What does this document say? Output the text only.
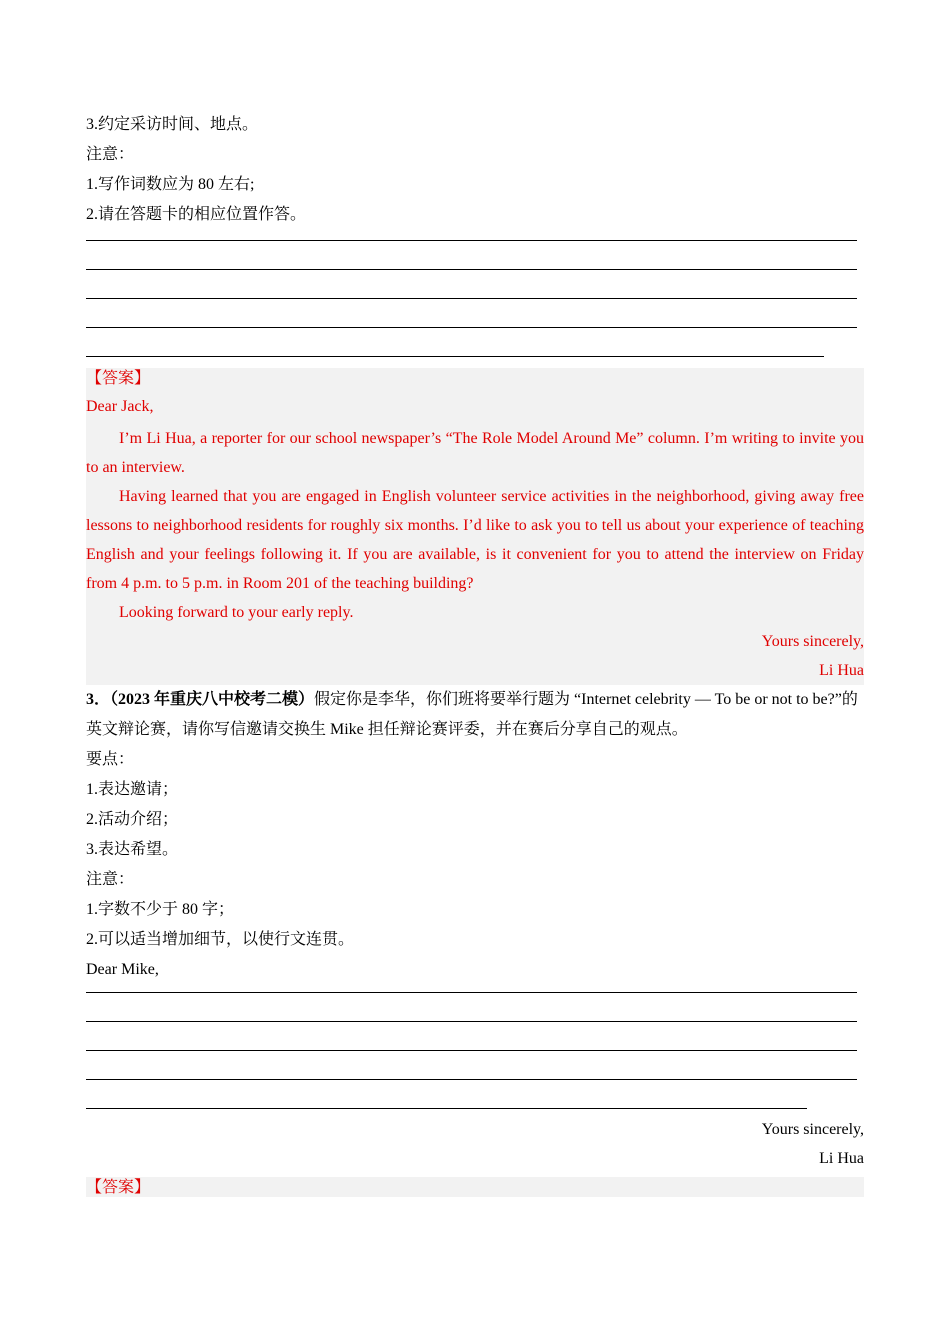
3.约定采访时间、地点。
注意：
1.写作词数应为 80 左右;
2.请在答题卡的相应位置作答。
【答案】
Dear Jack,
I’m Li Hua, a reporter for our school newspaper’s “The Role Model Around Me” column. I’m writing to invite you to an interview.
Having learned that you are engaged in English volunteer service activities in the neighborhood, giving away free lessons to neighborhood residents for roughly six months. I’d like to ask you to tell us about your experience of teaching English and your feelings following it. If you are available, is it convenient for you to attend the interview on Friday from 4 p.m. to 5 p.m. in Room 201 of the teaching building?
Looking forward to your early reply.
Yours sincerely,
Li Hua
3．（2023 年重庆八中校考二模）假定你是李华，你们班将要举行题为 “Internet celebrity — To be or not to be?”的英文辩论赛，请你写信邀请交换生 Mike 担任辩论赛评委，并在赛后分享自己的观点。
要点：
1.表达邀请；
2.活动介绍；
3.表达希望。
注意：
1.字数不少于 80 字；
2.可以适当增加细节，以使行文连贯。
Dear Mike,
Yours sincerely,
Li Hua
【答案】
